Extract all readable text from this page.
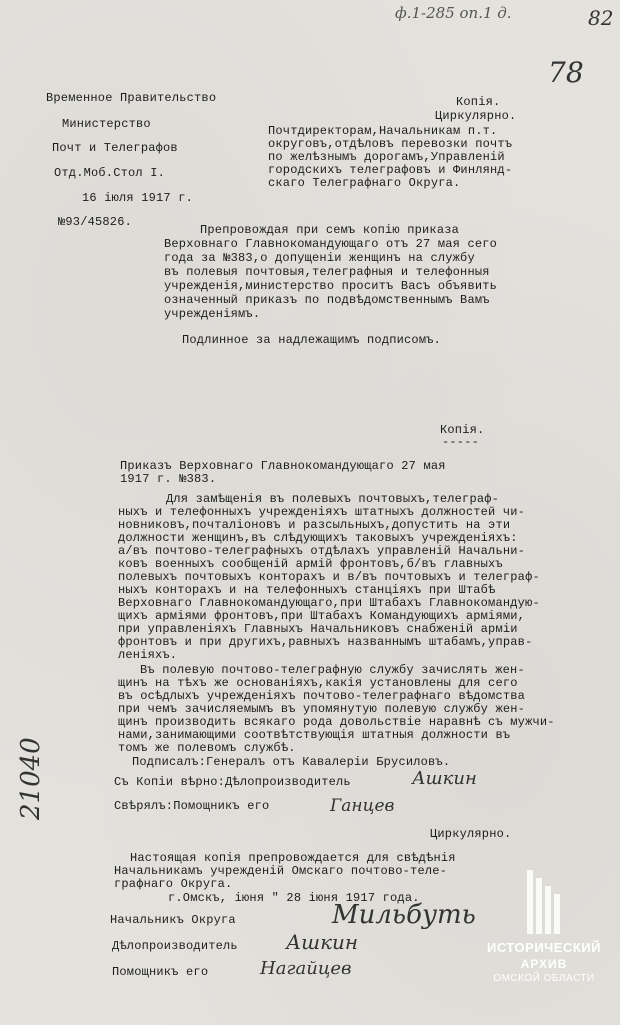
ф.1-285 оп.1 д.	82
78
21040
Временное Правительство
Министерство
Почт и Телеграфов
Отд.Моб.Стол I.
16 iюля 1917 г.
№93/45826.
Копiя.
Циркулярно.
Почтдиректорам,Начальникам п.т.
округовъ,отдѣловъ перевозки почтъ
по желѣзнымъ дорогамъ,Управленiй
городскихъ телеграфовъ и Финлянд-
скаго Телеграфнаго Округа.
Препровождая при семъ копiю приказа
Верховнаго Главнокомандующаго отъ 27 мая сего
года за №383,о допущенiи женщинъ на службу
въ полевыя почтовыя,телеграфныя и телефонныя
учрежденiя,министерство проситъ Васъ объявить
означенный приказъ по подвѣдомственнымъ Вамъ
учрежденiямъ.
Подлинное за надлежащимъ подписомъ.
Копiя.
-----
Приказъ Верховнаго Главнокомандующаго 27 мая
1917 г. №383.
Для замѣщенiя въ полевыхъ почтовыхъ,телеграф-
ныхъ и телефонныхъ учрежденiяхъ штатныхъ должностей чи-
новниковъ,почталiоновъ и разсыльныхъ,допустить на эти
должности женщинъ,въ слѣдующихъ таковыхъ учрежденiяхъ:
а/въ почтово-телеграфныхъ отдѣлахъ управленiй Начальни-
ковъ военныхъ сообщенiй армiй фронтовъ,б/въ главныхъ
полевыхъ почтовыхъ конторахъ и в/въ почтовыхъ и телеграф-
ныхъ конторахъ и на телефонныхъ станцiяхъ при Штабѣ
Верховнаго Главнокомандующаго,при Штабахъ Главнокомандую-
щихъ армiями фронтовъ,при Штабахъ Командующихъ армiями,
при управленiяхъ Главныхъ Начальниковъ снабженiй армiи
фронтовъ и при другихъ,равныхъ названнымъ штабамъ,управ-
ленiяхъ.
Въ полевую почтово-телеграфную службу зачислять жен-
щинъ на тѣхъ же основанiяхъ,какiя установлены для сего
въ осѣдлыхъ учрежденiяхъ почтово-телеграфнаго вѣдомства
при чемъ зачисляемымъ въ упомянутую полевую службу жен-
щинъ производить всякаго рода довольствiе наравнѣ съ мужчи-
нами,занимающими соотвѣтствующiя штатныя должности въ
томъ же полевомъ службѣ.
Подписалъ:Генералъ отъ Кавалерiи Брусиловъ.
Съ Копiи вѣрно:Дѣлопроизводитель	Ашкин
Свѣрялъ:Помощникъ его	Ганцев
Циркулярно.
Настоящая копiя препровождается для свѣдѣнiя
Начальникамъ учрежденiй Омскаго почтово-теле-
графнаго Округа.
г.Омскъ, iюня " 28 iюня 1917 года.
Начальникъ Округа	Мильбуть
Дѣлопроизводитель Ашкин
Помощникъ его	Нагайцев
ИСТОРИЧЕСКИЙ
АРХИВ
ОМСКОЙ ОБЛАСТИ
